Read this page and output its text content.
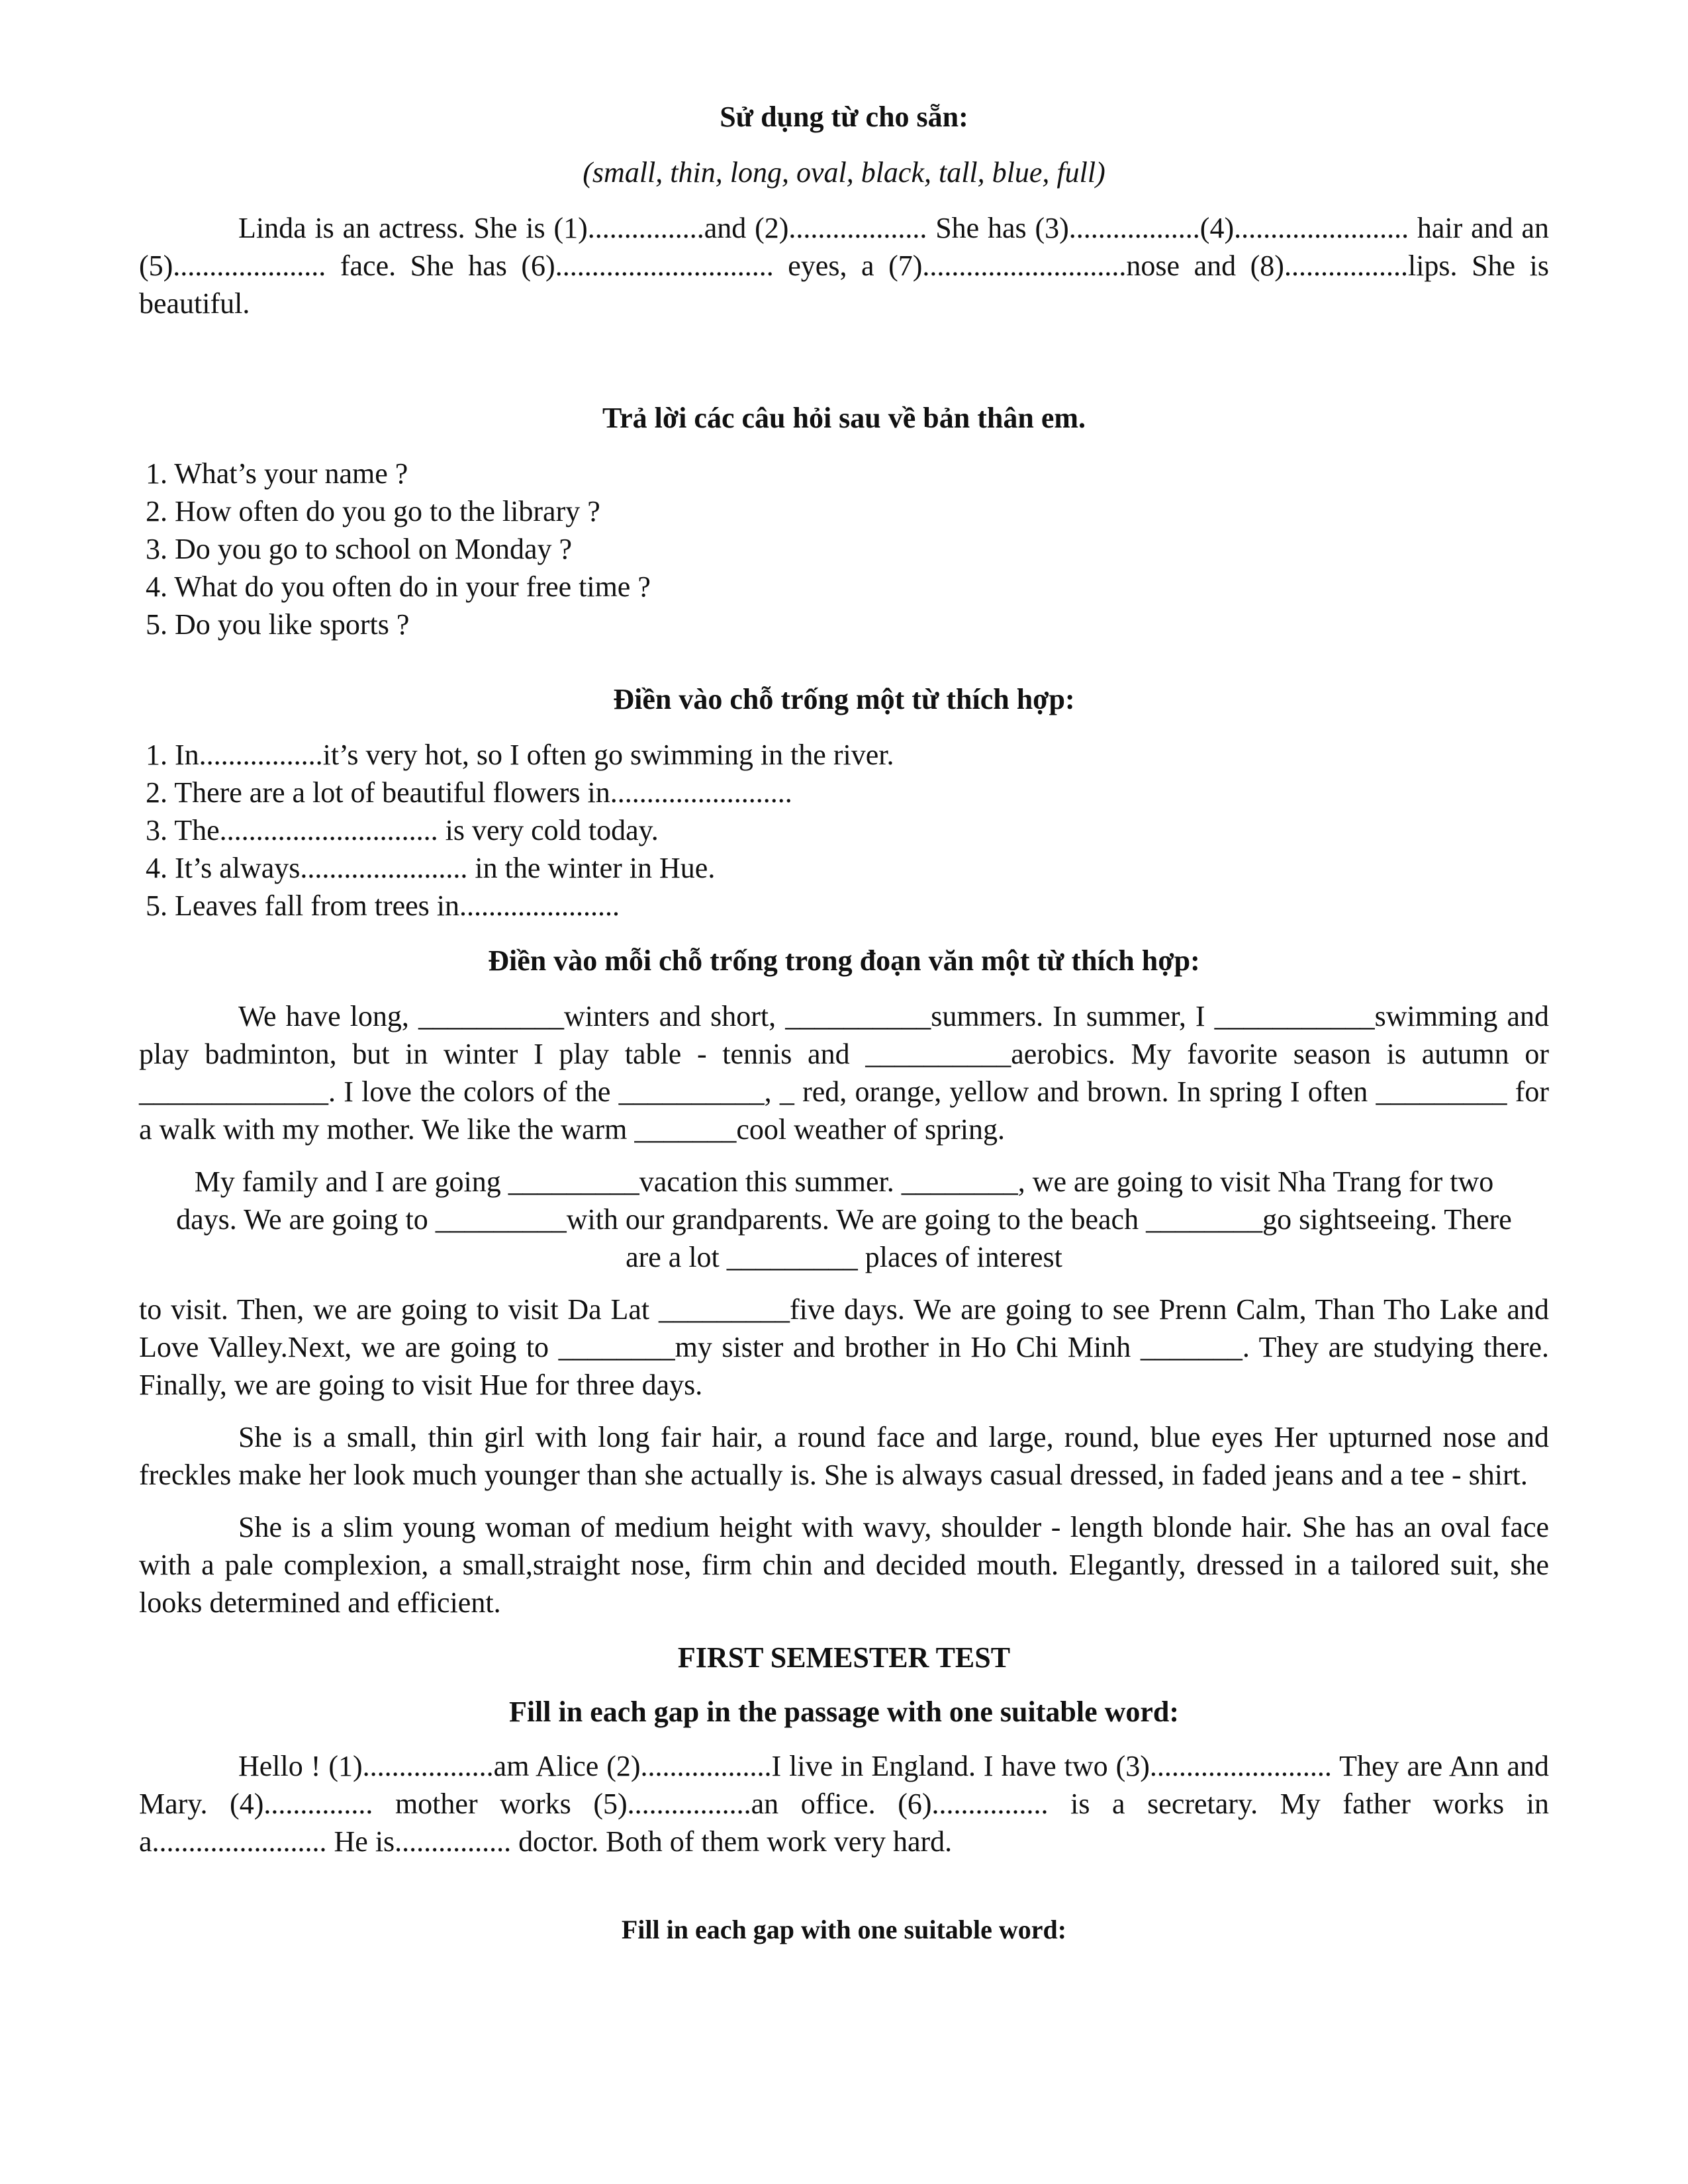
Sử dụng từ cho sẵn:

(small, thin, long, oval, black, tall, blue, full)

Linda is an actress. She is (1)................and (2)................... She has (3)..................(4)........................ hair and an (5)..................... face. She has (6).............................. eyes, a (7)............................nose and (8).................lips. She is beautiful.

Trả lời các câu hỏi sau về bản thân em.

1. What’s your name ?

2. How often do you go to the library ?

3. Do you go to school on Monday ?

4. What do you often do in your free time ?

5. Do you like sports ?

Điền vào chỗ trống một từ thích hợp:

1. In.................it’s very hot, so I often go swimming in the river.

2. There are a lot of beautiful flowers in.........................

3. The.............................. is very cold today.

4. It’s always....................... in the winter in Hue.

5. Leaves fall from trees in......................

Điền vào mỗi chỗ trống trong đoạn văn một từ thích hợp:

We have long, __________winters and short, __________summers. In summer, I ___________swimming and play badminton, but in winter I play table - tennis and __________aerobics. My favorite season is autumn or _____________. I love the colors of the __________, _ red, orange, yellow and brown. In spring I often _________ for a walk with my mother. We like the warm _______cool weather of spring.

My family and I are going _________vacation this summer. ________, we are going to visit Nha Trang for two days. We are going to _________with our grandparents. We are going to the beach ________go sightseeing. There are a lot _________ places of interest

to visit. Then, we are going to visit Da Lat _________five days. We are going to see Prenn Calm, Than Tho Lake and Love Valley.Next, we are going to ________my sister and brother in Ho Chi Minh _______. They are studying there. Finally, we are going to visit Hue for three days.

She is a small, thin girl with long fair hair, a round face and large, round, blue eyes Her upturned nose and freckles make her look much younger than she actually is. She is always casual dressed, in faded jeans and a tee - shirt.

She is a slim young woman of medium height with wavy, shoulder - length blonde hair. She has an oval face with a pale complexion, a small,straight nose, firm chin and decided mouth. Elegantly, dressed in a tailored suit, she looks determined and efficient.

FIRST SEMESTER TEST

Fill in each gap in the passage with one suitable word:

Hello ! (1)..................am Alice (2)..................I live in England. I have two (3)......................... They are Ann and Mary. (4)............... mother works (5).................an office. (6)................ is a secretary. My father works in a........................ He is................ doctor. Both of them work very hard.

Fill in each gap with one suitable word:
